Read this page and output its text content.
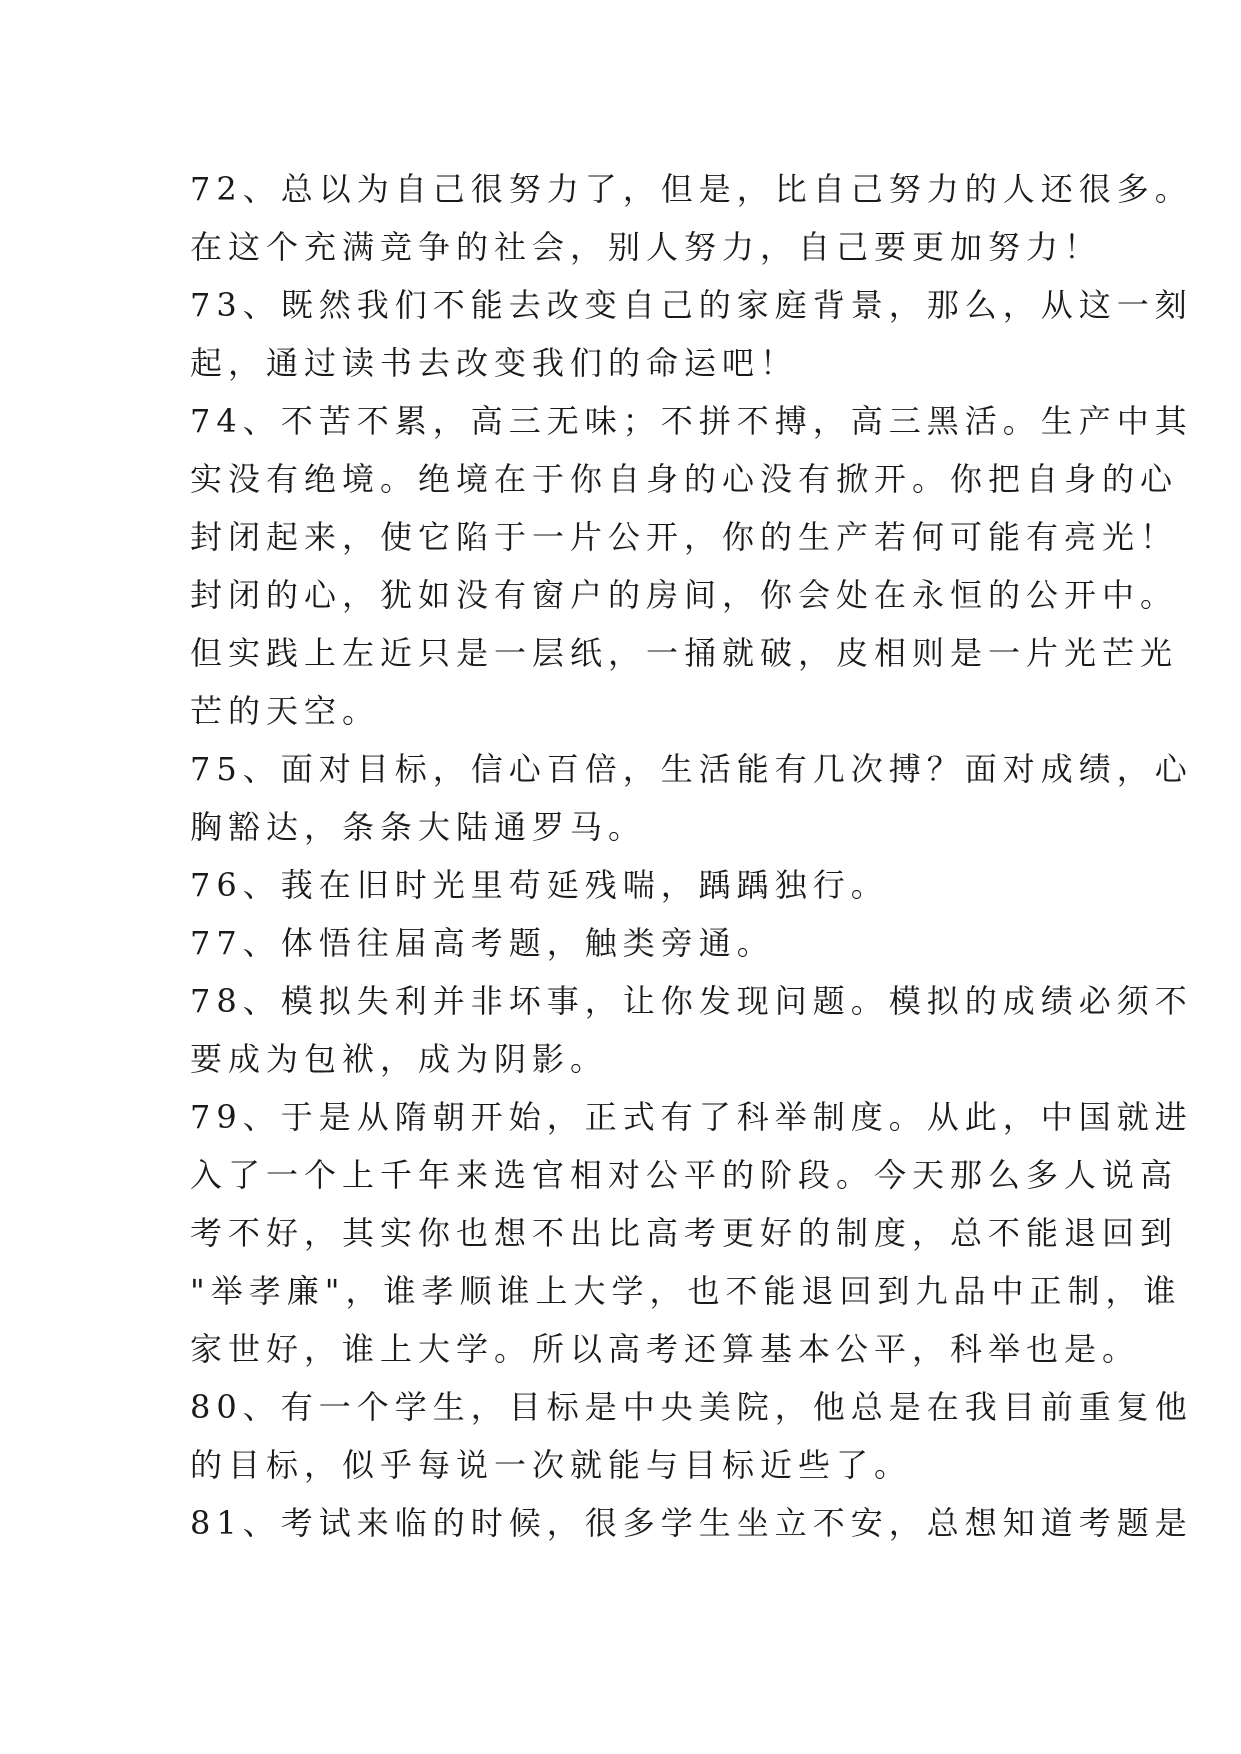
72、总以为自己很努力了，但是，比自己努力的人还很多。
在这个充满竞争的社会，别人努力，自己要更加努力！
73、既然我们不能去改变自己的家庭背景，那么，从这一刻
起，通过读书去改变我们的命运吧！
74、不苦不累，高三无味；不拼不搏，高三黑活。生产中其
实没有绝境。绝境在于你自身的心没有掀开。你把自身的心
封闭起来，使它陷于一片公开，你的生产若何可能有亮光！
封闭的心，犹如没有窗户的房间，你会处在永恒的公开中。
但实践上左近只是一层纸，一捅就破，皮相则是一片光芒光
芒的天空。
75、面对目标，信心百倍，生活能有几次搏？面对成绩，心
胸豁达，条条大陆通罗马。
76、莪在旧时光里苟延残喘，踽踽独行。
77、体悟往届高考题，触类旁通。
78、模拟失利并非坏事，让你发现问题。模拟的成绩必须不
要成为包袱，成为阴影。
79、于是从隋朝开始，正式有了科举制度。从此，中国就进
入了一个上千年来选官相对公平的阶段。今天那么多人说高
考不好，其实你也想不出比高考更好的制度，总不能退回到
"举孝廉"，谁孝顺谁上大学，也不能退回到九品中正制，谁
家世好，谁上大学。所以高考还算基本公平，科举也是。
80、有一个学生，目标是中央美院，他总是在我目前重复他
的目标，似乎每说一次就能与目标近些了。
81、考试来临的时候，很多学生坐立不安，总想知道考题是
